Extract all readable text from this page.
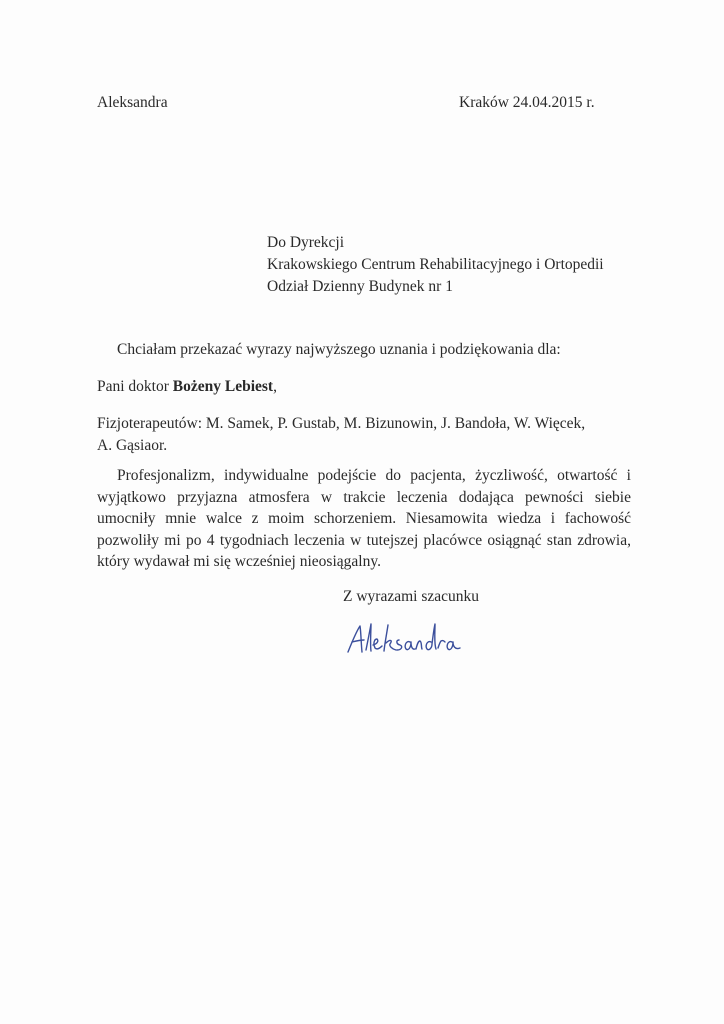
Aleksandra	Kraków 24.04.2015 r.
Do Dyrekcji
Krakowskiego Centrum Rehabilitacyjnego i Ortopedii
Odział Dzienny Budynek nr 1
Chciałam przekazać wyrazy najwyższego uznania i podziękowania dla:
Pani doktor Bożeny Lebiest,
Fizjoterapeutów: M. Samek, P. Gustab, M. Bizunowin, J. Bandoła, W. Więcek, A. Gąsiaor.
Profesjonalizm, indywidualne podejście do pacjenta, życzliwość, otwartość i wyjątkowo przyjazna atmosfera w trakcie leczenia dodająca pewności siebie umocniły mnie walce z moim schorzeniem. Niesamowita wiedza i fachowość pozwoliły mi po 4 tygodniach leczenia w tutejszej placówce osiągnąć stan zdrowia, który wydawał mi się wcześniej nieosiągalny.
Z wyrazami szacunku
